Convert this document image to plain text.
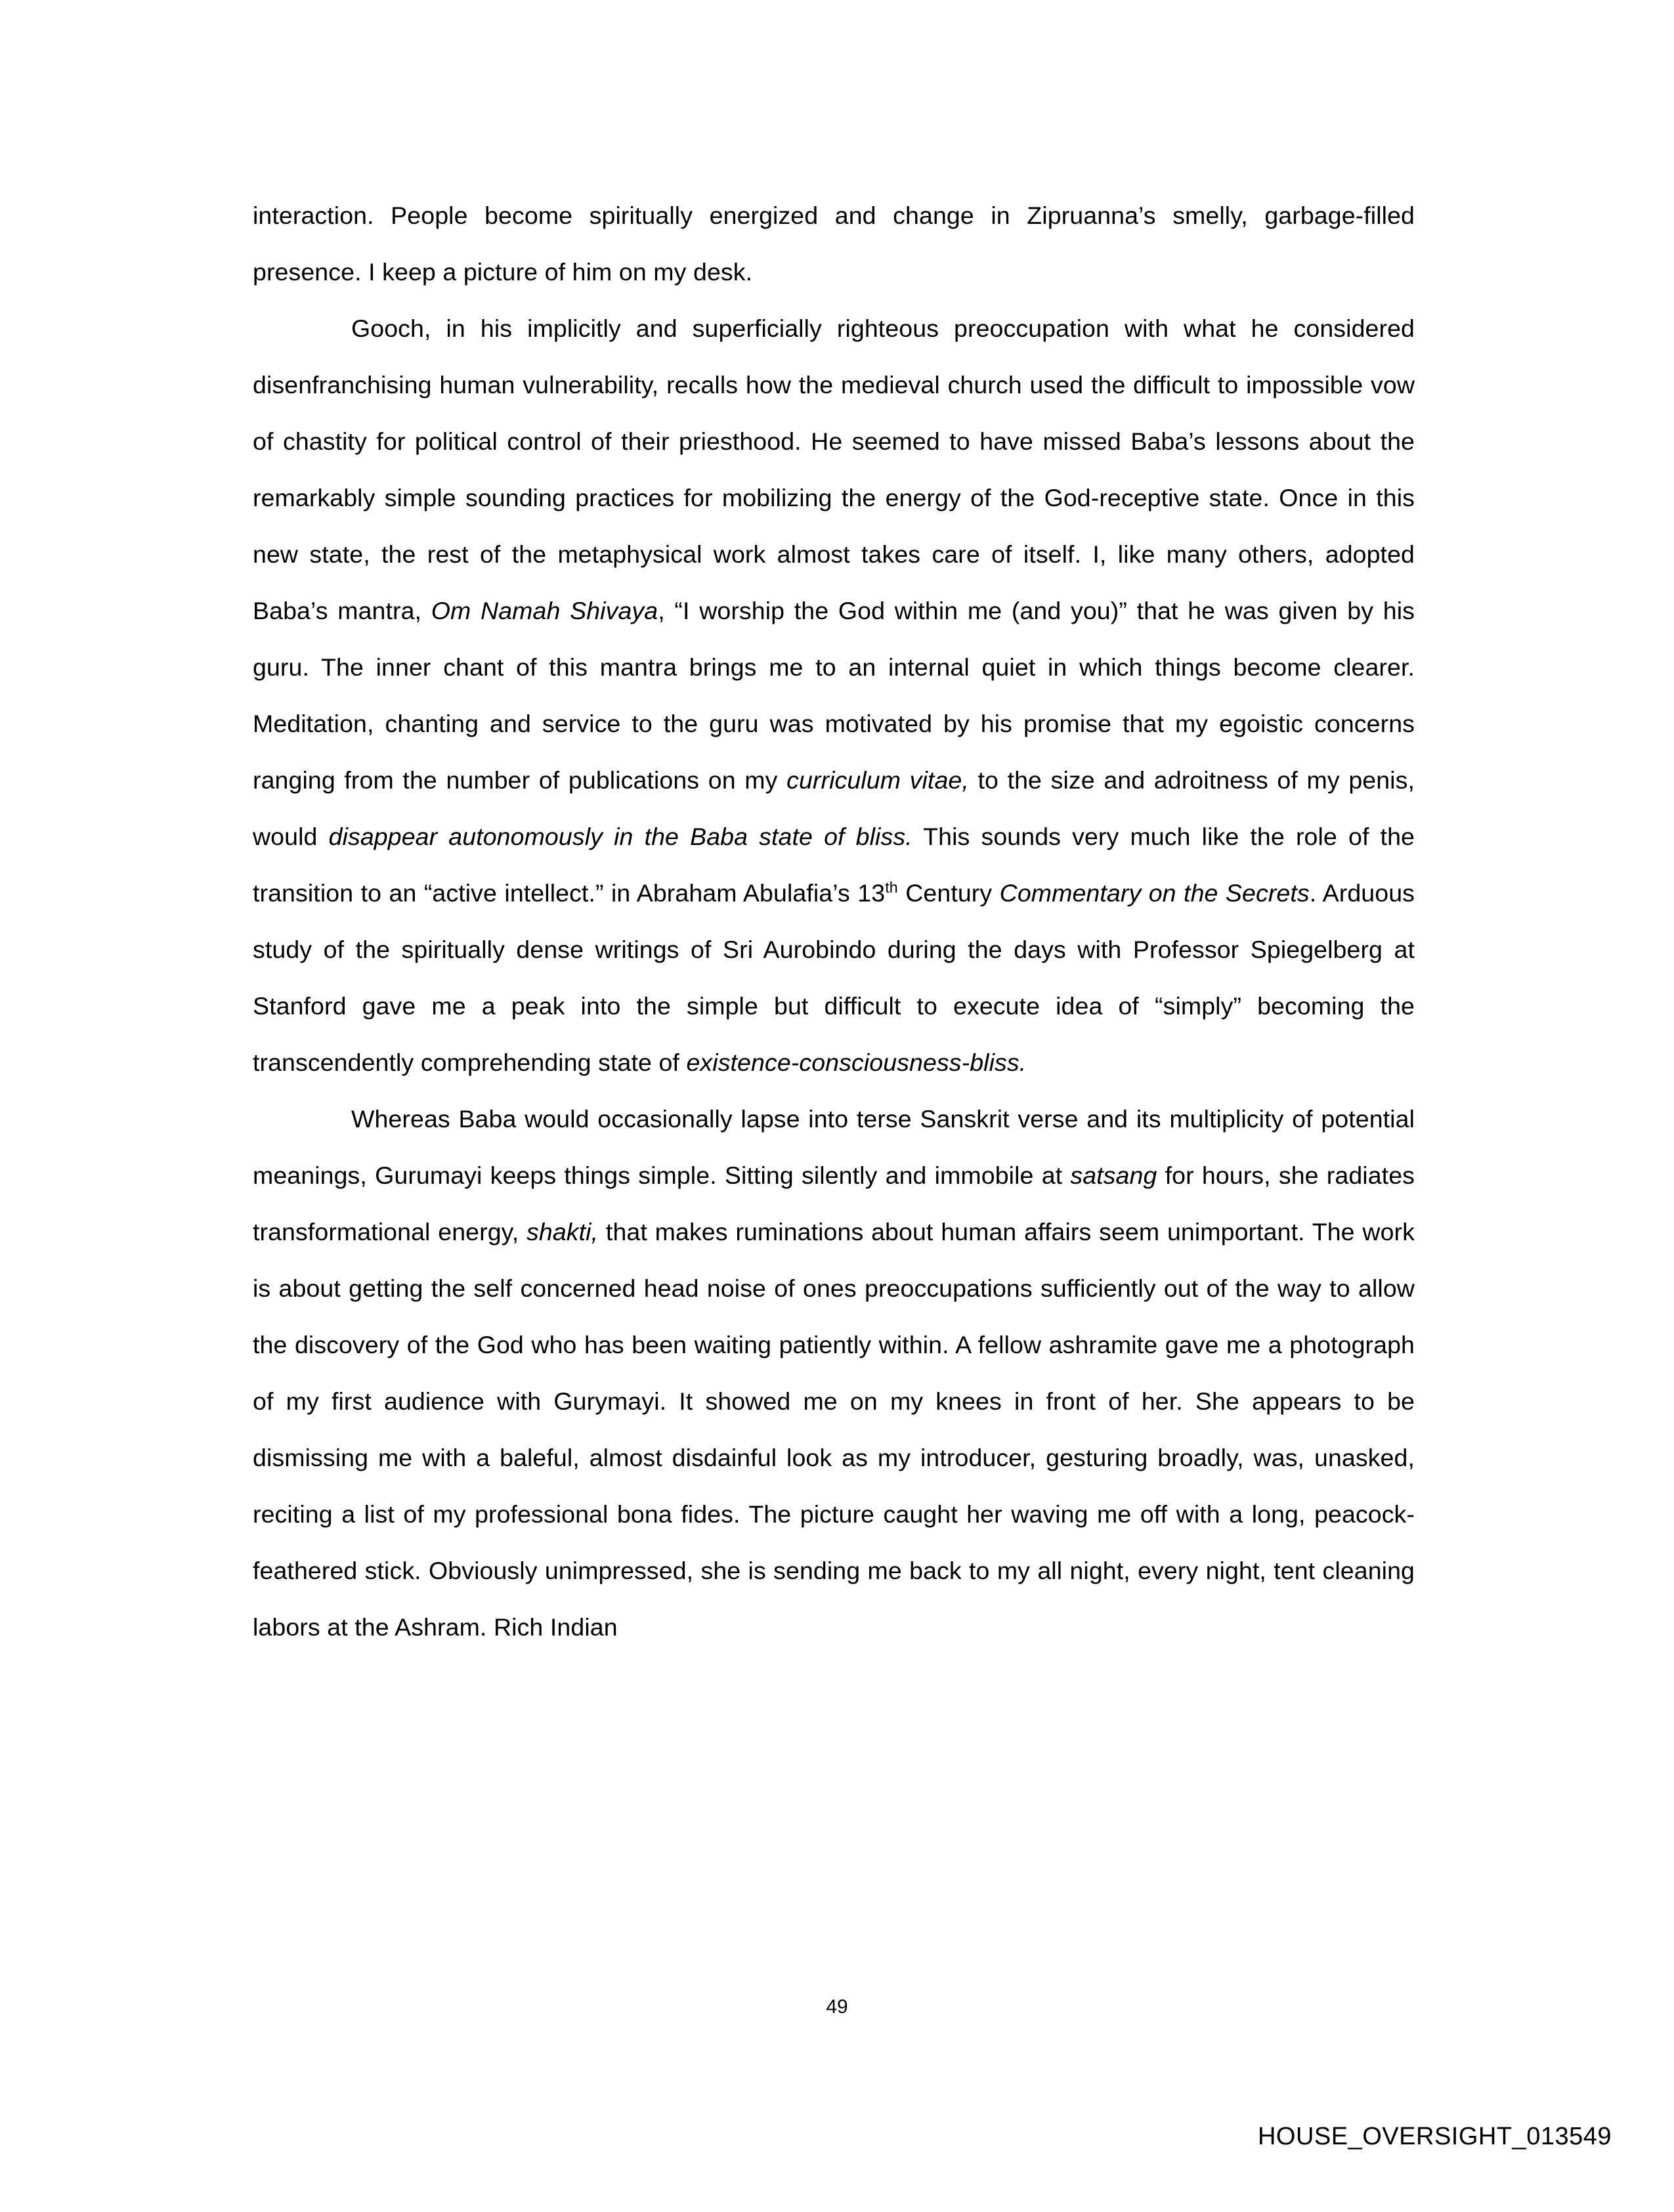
interaction. People become spiritually energized and change in Zipruanna’s smelly, garbage-filled presence. I keep a picture of him on my desk.

Gooch, in his implicitly and superficially righteous preoccupation with what he considered disenfranchising human vulnerability, recalls how the medieval church used the difficult to impossible vow of chastity for political control of their priesthood. He seemed to have missed Baba’s lessons about the remarkably simple sounding practices for mobilizing the energy of the God-receptive state. Once in this new state, the rest of the metaphysical work almost takes care of itself. I, like many others, adopted Baba’s mantra, Om Namah Shivaya, “I worship the God within me (and you)” that he was given by his guru. The inner chant of this mantra brings me to an internal quiet in which things become clearer. Meditation, chanting and service to the guru was motivated by his promise that my egoistic concerns ranging from the number of publications on my curriculum vitae, to the size and adroitness of my penis, would disappear autonomously in the Baba state of bliss. This sounds very much like the role of the transition to an “active intellect.” in Abraham Abulafia’s 13th Century Commentary on the Secrets. Arduous study of the spiritually dense writings of Sri Aurobindo during the days with Professor Spiegelberg at Stanford gave me a peak into the simple but difficult to execute idea of “simply” becoming the transcendently comprehending state of existence-consciousness-bliss.

Whereas Baba would occasionally lapse into terse Sanskrit verse and its multiplicity of potential meanings, Gurumayi keeps things simple. Sitting silently and immobile at satsang for hours, she radiates transformational energy, shakti, that makes ruminations about human affairs seem unimportant. The work is about getting the self concerned head noise of ones preoccupations sufficiently out of the way to allow the discovery of the God who has been waiting patiently within. A fellow ashramite gave me a photograph of my first audience with Gurymayi. It showed me on my knees in front of her. She appears to be dismissing me with a baleful, almost disdainful look as my introducer, gesturing broadly, was, unasked, reciting a list of my professional bona fides. The picture caught her waving me off with a long, peacock-feathered stick. Obviously unimpressed, she is sending me back to my all night, every night, tent cleaning labors at the Ashram. Rich Indian

49
HOUSE_OVERSIGHT_013549
